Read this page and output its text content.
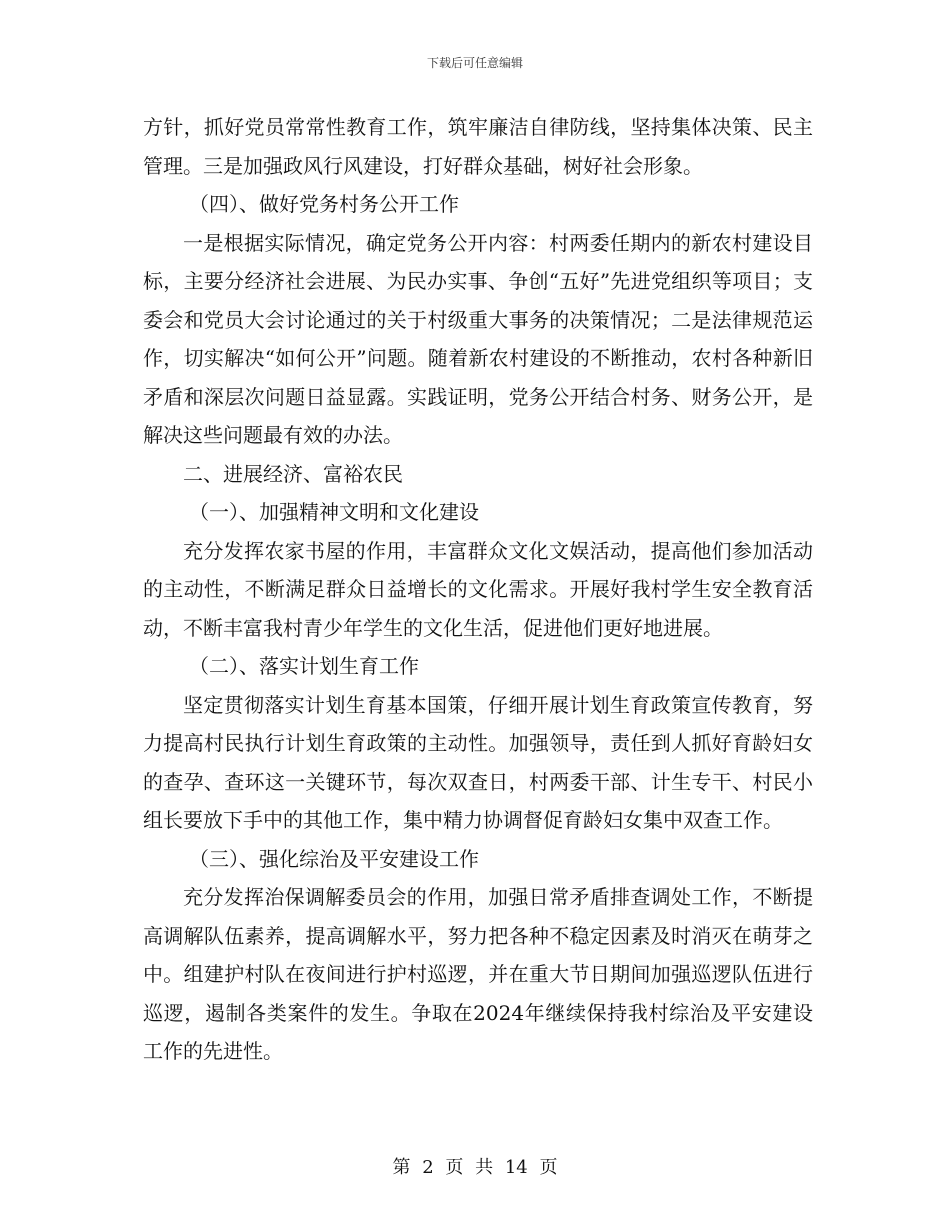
下载后可任意编辑

方针，抓好党员常常性教育工作，筑牢廉洁自律防线，坚持集体决策、民主管理。三是加强政风行风建设，打好群众基础，树好社会形象。

（四）、做好党务村务公开工作

一是根据实际情况，确定党务公开内容：村两委任期内的新农村建设目标，主要分经济社会进展、为民办实事、争创“五好”先进党组织等项目；支委会和党员大会讨论通过的关于村级重大事务的决策情况；二是法律规范运作，切实解决“如何公开”问题。随着新农村建设的不断推动，农村各种新旧矛盾和深层次问题日益显露。实践证明，党务公开结合村务、财务公开，是解决这些问题最有效的办法。

二、进展经济、富裕农民

（一）、加强精神文明和文化建设

充分发挥农家书屋的作用，丰富群众文化文娱活动，提高他们参加活动的主动性，不断满足群众日益增长的文化需求。开展好我村学生安全教育活动，不断丰富我村青少年学生的文化生活，促进他们更好地进展。

（二）、落实计划生育工作

坚定贯彻落实计划生育基本国策，仔细开展计划生育政策宣传教育，努力提高村民执行计划生育政策的主动性。加强领导，责任到人抓好育龄妇女的查孕、查环这一关键环节，每次双查日，村两委干部、计生专干、村民小组长要放下手中的其他工作，集中精力协调督促育龄妇女集中双查工作。

（三）、强化综治及平安建设工作

充分发挥治保调解委员会的作用，加强日常矛盾排查调处工作，不断提高调解队伍素养，提高调解水平，努力把各种不稳定因素及时消灭在萌芽之中。组建护村队在夜间进行护村巡逻，并在重大节日期间加强巡逻队伍进行巡逻，遏制各类案件的发生。争取在2024年继续保持我村综治及平安建设工作的先进性。

第 2 页 共 14 页
